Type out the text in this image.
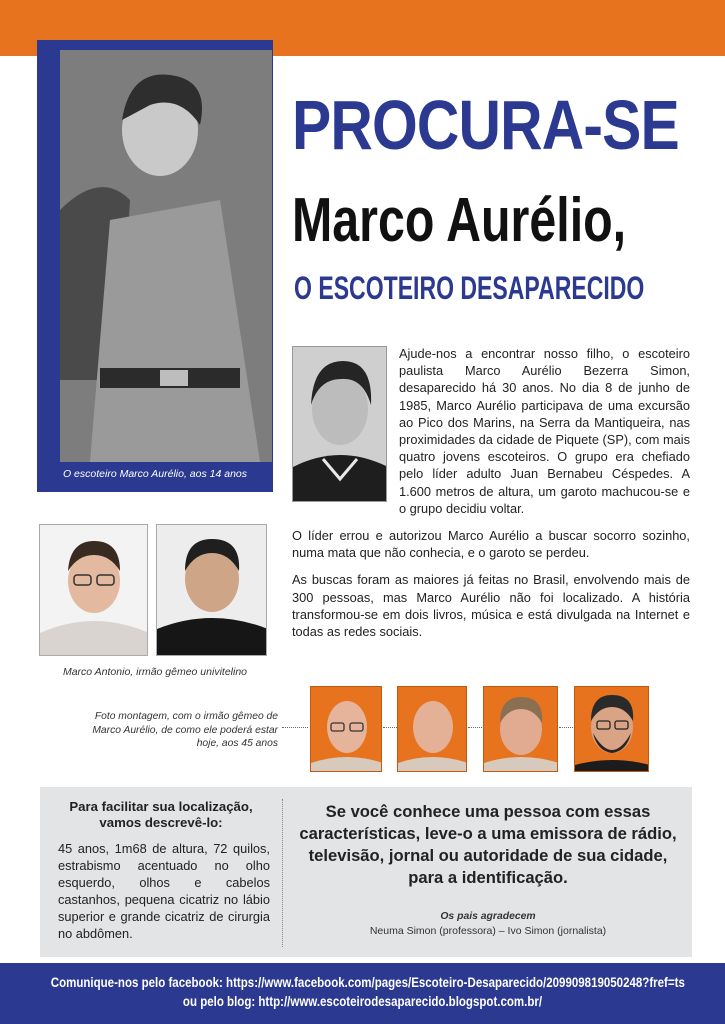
O escoteiro Marco Aurélio, aos 14 anos
PROCURA-SE
Marco Aurélio,
O ESCOTEIRO DESAPARECIDO

Ajude-nos a encontrar nosso filho, o escoteiro paulista Marco Aurélio Bezerra Simon, desaparecido há 30 anos. No dia 8 de junho de 1985, Marco Aurélio participava de uma excursão ao Pico dos Marins, na Serra da Mantiqueira, nas proximidades da cidade de Piquete (SP), com mais quatro jovens escoteiros. O grupo era chefiado pelo líder adulto Juan Bernabeu Céspedes. A 1.600 metros de altura, um garoto machucou-se e o grupo decidiu voltar.

O líder errou e autorizou Marco Aurélio a buscar socorro sozinho, numa mata que não conhecia, e o garoto se perdeu.

As buscas foram as maiores já feitas no Brasil, envolvendo mais de 300 pessoas, mas Marco Aurélio não foi localizado. A história transformou-se em dois livros, música e está divulgada na Internet e todas as redes sociais.

Marco Antonio, irmão gêmeo univitelino
Foto montagem, com o irmão gêmeo de Marco Aurélio, de como ele poderá estar hoje, aos 45 anos
Para facilitar sua localização, vamos descrevê-lo:
45 anos, 1m68 de altura, 72 quilos, estrabismo acentuado no olho esquerdo, olhos e cabelos castanhos, pequena cicatriz no lábio superior e grande cicatriz de cirurgia no abdômen.
Se você conhece uma pessoa com essas características, leve-o a uma emissora de rádio, televisão, jornal ou autoridade de sua cidade, para a identificação.
Os pais agradecem
Neuma Simon (professora) – Ivo Simon (jornalista)
Comunique-nos pelo facebook: https://www.facebook.com/pages/Escoteiro-Desaparecido/209909819050248?fref=ts
ou pelo blog: http://www.escoteirodesaparecido.blogspot.com.br/
